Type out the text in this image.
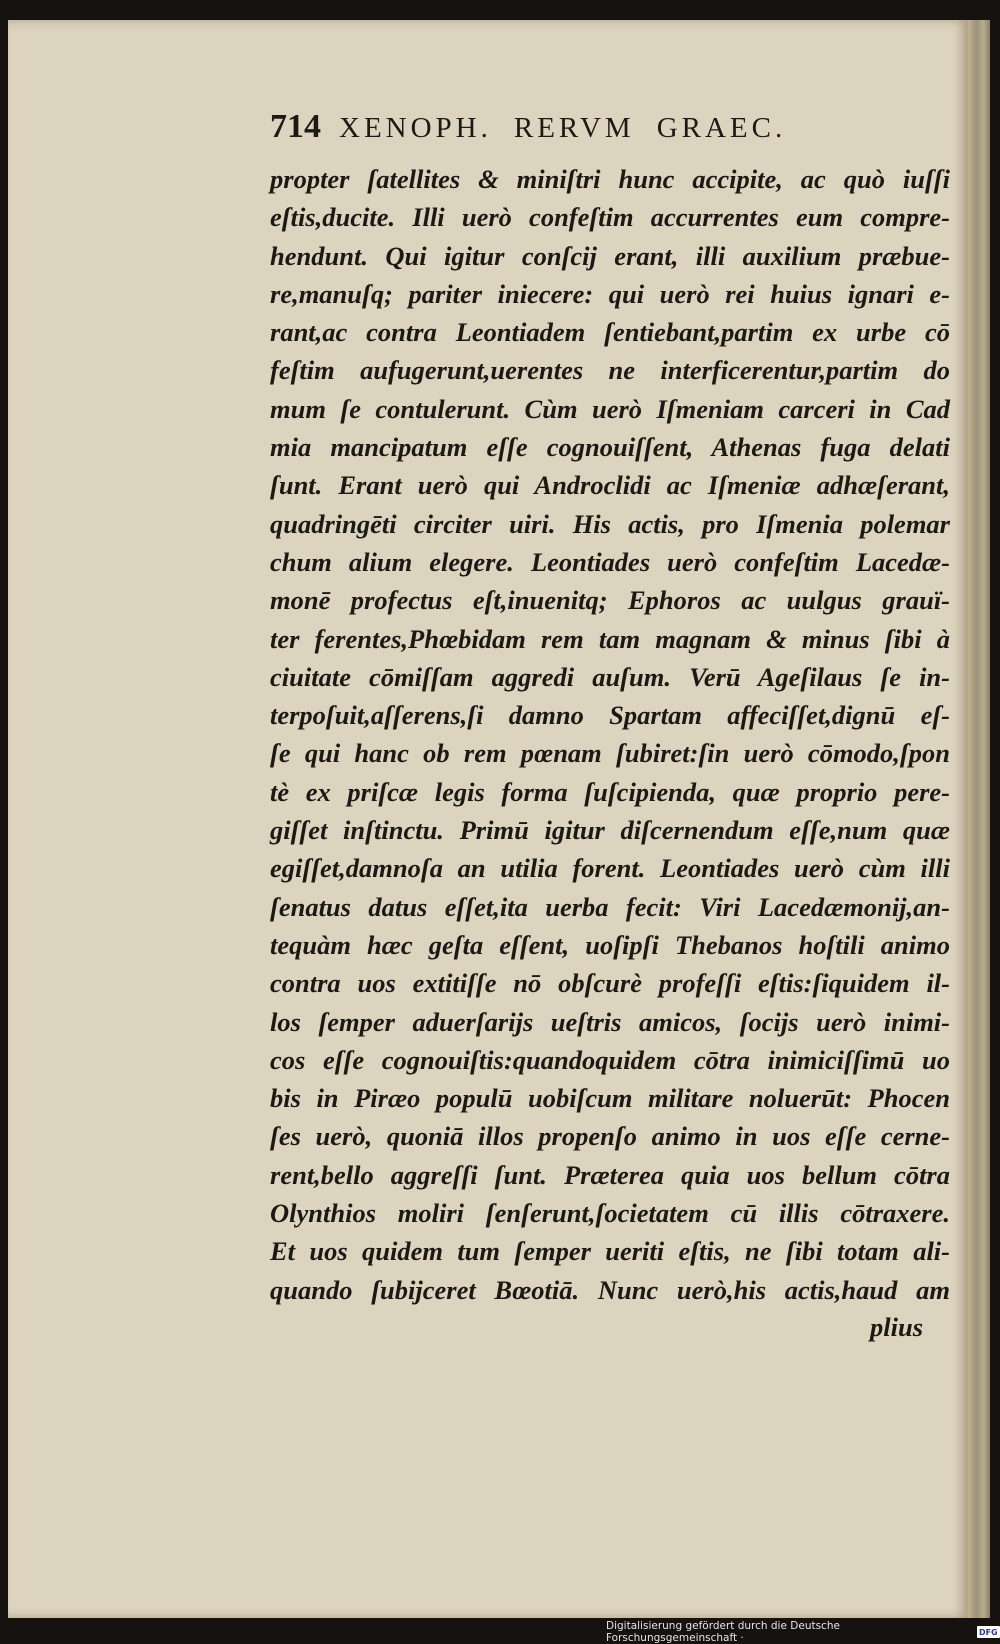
714 XENOPH. RERVM GRAEC.
propter ſatellites & miniſtri hunc accipite, ac quò iuſſi
eſtis,ducite. Illi uerò confeſtim accurrentes eum compre-
hendunt. Qui igitur conſcij erant, illi auxilium præbue-
re,manuſq; pariter iniecere: qui uerò rei huius ignari e-
rant,ac contra Leontiadem ſentiebant,partim ex urbe cō
feſtim aufugerunt,uerentes ne interficerentur,partim do
mum ſe contulerunt. Cùm uerò Iſmeniam carceri in Cad
mia mancipatum eſſe cognouiſſent, Athenas fuga delati
ſunt. Erant uerò qui Androclidi ac Iſmeniæ adhæſerant,
quadringēti circiter uiri. His actis, pro Iſmenia polemar
chum alium elegere. Leontiades uerò confeſtim Lacedæ-
monē profectus eſt,inuenitq; Ephoros ac uulgus grauï-
ter ferentes,Phœbidam rem tam magnam & minus ſibi à
ciuitate cōmiſſam aggredi auſum. Verū Ageſilaus ſe in-
terpoſuit,aſſerens,ſi damno Spartam affeciſſet,dignū eſ-
ſe qui hanc ob rem pœnam ſubiret:ſin uerò cōmodo,ſpon
tè ex priſcæ legis forma ſuſcipienda, quæ proprio pere-
giſſet inſtinctu. Primū igitur diſcernendum eſſe,num quæ
egiſſet,damnoſa an utilia forent. Leontiades uerò cùm illi
ſenatus datus eſſet,ita uerba fecit: Viri Lacedæmonij,an-
tequàm hæc geſta eſſent, uoſipſi Thebanos hoſtili animo
contra uos extitiſſe nō obſcurè profeſſi eſtis:ſiquidem il-
los ſemper aduerſarijs ueſtris amicos, ſocijs uerò inimi-
cos eſſe cognouiſtis:quandoquidem cōtra inimiciſſimū uo
bis in Piræo populū uobiſcum militare noluerūt: Phocen
ſes uerò, quoniā illos propenſo animo in uos eſſe cerne-
rent,bello aggreſſi ſunt. Præterea quia uos bellum cōtra
Olynthios moliri ſenſerunt,ſocietatem cū illis cōtraxere.
Et uos quidem tum ſemper ueriti eſtis, ne ſibi totam ali-
quando ſubijceret Bœotiā. Nunc uerò,his actis,haud am
plius
Digitalisierung gefördert durch die Deutsche Forschungsgemeinschaft ·	DFG
